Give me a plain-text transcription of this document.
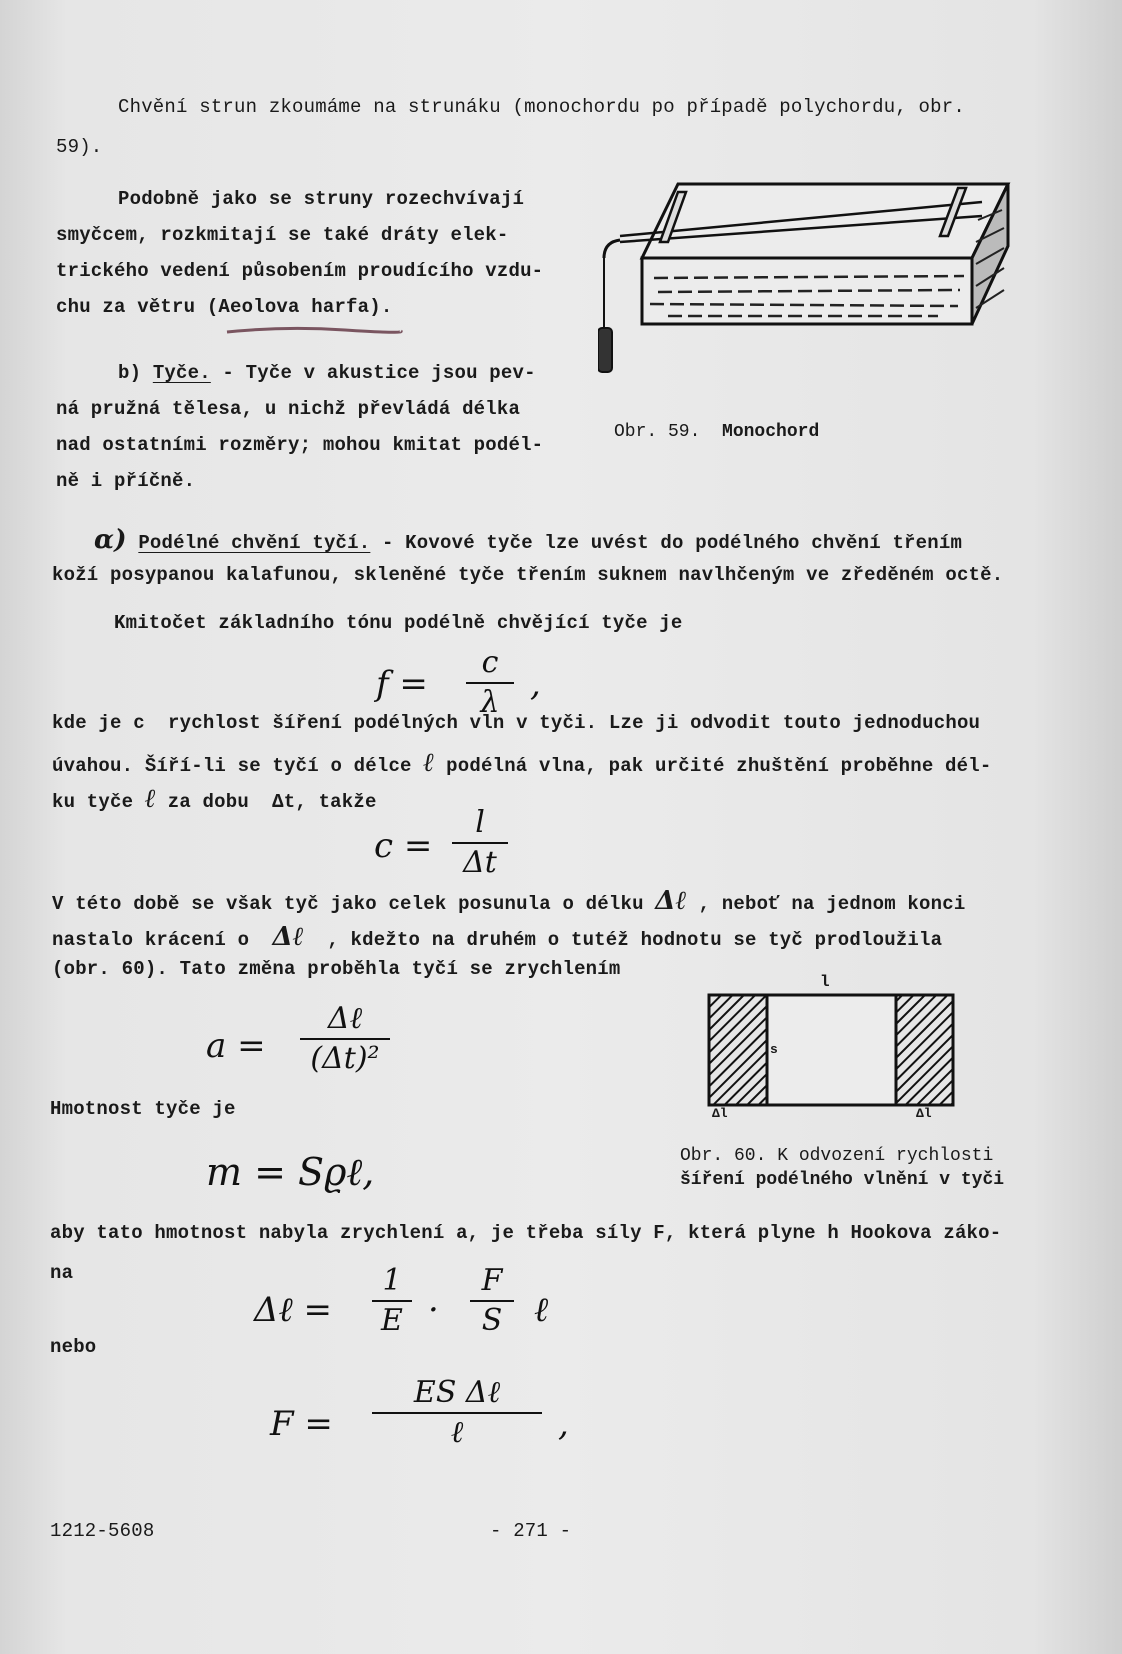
Chvění strun zkoumáme na strunáku (monochordu po případě polychordu, obr.
59).
Podobně jako se struny rozechvívají
smyčcem, rozkmitají se také dráty elek-
trického vedení působením proudícího vzdu-
chu za větru (Aeolova harfa).
b) Tyče. - Tyče v akustice jsou pev-
ná pružná tělesa, u nichž převládá délka
nad ostatními rozměry; mohou kmitat podél-
ně i příčně.
Obr. 59. Monochord
α) Podélné chvění tyčí. - Kovové tyče lze uvést do podélného chvění třením
koží posypanou kalafunou, skleněné tyče třením suknem navlhčeným ve zředěném octě.
Kmitočet základního tónu podélně chvějící tyče je
f =
c
λ ,
kde je c  rychlost šíření podélných vln v tyči. Lze ji odvodit touto jednoduchou
úvahou. Šíří-li se tyčí o délce ℓ podélná vlna, pak určité zhuštění proběhne dél-
ku tyče ℓ za dobu  Δt, takže
c =
l
Δt
V této době se však tyč jako celek posunula o délku Δℓ , neboť na jednom konci
nastalo krácení o  Δℓ  , kdežto na druhém o tutéž hodnotu se tyč prodloužila
(obr. 60). Tato změna proběhla tyčí se zrychlením
a =
Δℓ
(Δt)²
l
s
Δl	Δl
Obr. 60. K odvození rychlosti
šíření podélného vlnění v tyči
Hmotnost tyče je
m = Sϱℓ,
aby tato hmotnost nabyla zrychlení a, je třeba síly F, která plyne h Hookova záko-
na
Δℓ =
1
E ·
F
S ℓ
nebo
F =
ES Δℓ
ℓ	,
1212-5608	- 271 -
